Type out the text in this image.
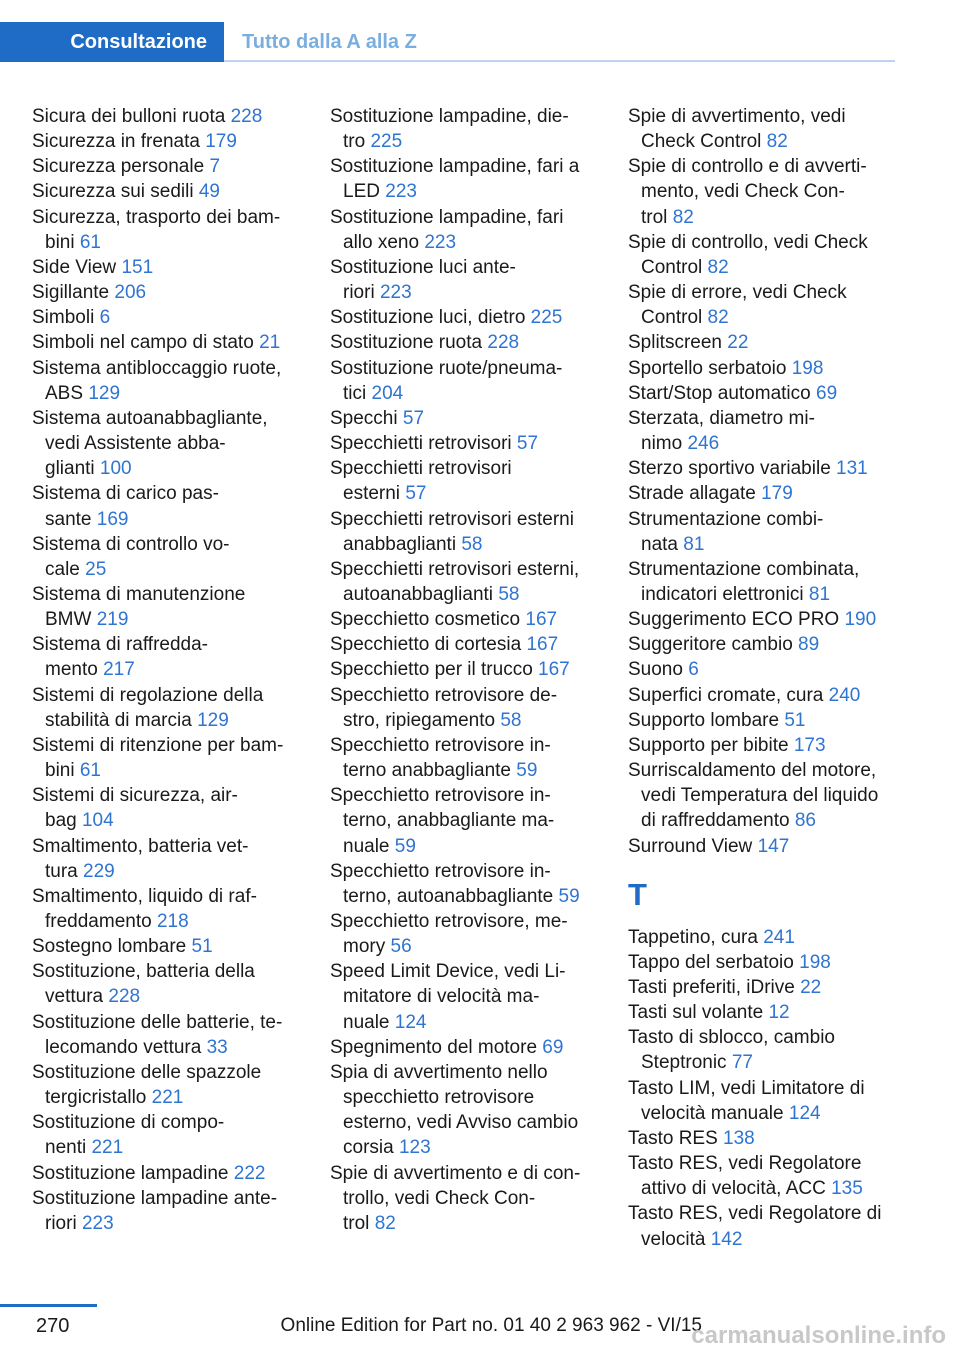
Consultazione	Tutto dalla A alla Z

Sicura dei bulloni ruota 228

Sicurezza in frenata 179

Sicurezza personale 7

Sicurezza sui sedili 49

Sicurezza, trasporto dei bam-
bini 61

Side View 151

Sigillante 206

Simboli 6

Simboli nel campo di stato 21

Sistema antibloccaggio ruote,
ABS 129

Sistema autoanabbagliante,
vedi Assistente abba-
glianti 100

Sistema di carico pas-
sante 169

Sistema di controllo vo-
cale 25

Sistema di manutenzione
BMW 219

Sistema di raffredda-
mento 217

Sistemi di regolazione della
stabilità di marcia 129

Sistemi di ritenzione per bam-
bini 61

Sistemi di sicurezza, air-
bag 104

Smaltimento, batteria vet-
tura 229

Smaltimento, liquido di raf-
freddamento 218

Sostegno lombare 51

Sostituzione, batteria della
vettura 228

Sostituzione delle batterie, te-
lecomando vettura 33

Sostituzione delle spazzole
tergicristallo 221

Sostituzione di compo-
nenti 221

Sostituzione lampadine 222

Sostituzione lampadine ante-
riori 223

Sostituzione lampadine, die-
tro 225

Sostituzione lampadine, fari a
LED 223

Sostituzione lampadine, fari
allo xeno 223

Sostituzione luci ante-
riori 223

Sostituzione luci, dietro 225

Sostituzione ruota 228

Sostituzione ruote/pneuma-
tici 204

Specchi 57

Specchietti retrovisori 57

Specchietti retrovisori
esterni 57

Specchietti retrovisori esterni
anabbaglianti 58

Specchietti retrovisori esterni,
autoanabbaglianti 58

Specchietto cosmetico 167

Specchietto di cortesia 167

Specchietto per il trucco 167

Specchietto retrovisore de-
stro, ripiegamento 58

Specchietto retrovisore in-
terno anabbagliante 59

Specchietto retrovisore in-
terno, anabbagliante ma-
nuale 59

Specchietto retrovisore in-
terno, autoanabbagliante 59

Specchietto retrovisore, me-
mory 56

Speed Limit Device, vedi Li-
mitatore di velocità ma-
nuale 124

Spegnimento del motore 69

Spia di avvertimento nello
specchietto retrovisore
esterno, vedi Avviso cambio
corsia 123

Spie di avvertimento e di con-
trollo, vedi Check Con-
trol 82

Spie di avvertimento, vedi
Check Control 82

Spie di controllo e di avverti-
mento, vedi Check Con-
trol 82

Spie di controllo, vedi Check
Control 82

Spie di errore, vedi Check
Control 82

Splitscreen 22

Sportello serbatoio 198

Start/Stop automatico 69

Sterzata, diametro mi-
nimo 246

Sterzo sportivo variabile 131

Strade allagate 179

Strumentazione combi-
nata 81

Strumentazione combinata,
indicatori elettronici 81

Suggerimento ECO PRO 190

Suggeritore cambio 89

Suono 6

Superfici cromate, cura 240

Supporto lombare 51

Supporto per bibite 173

Surriscaldamento del motore,
vedi Temperatura del liquido
di raffreddamento 86

Surround View 147

T

Tappetino, cura 241

Tappo del serbatoio 198

Tasti preferiti, iDrive 22

Tasti sul volante 12

Tasto di sblocco, cambio
Steptronic 77

Tasto LIM, vedi Limitatore di
velocità manuale 124

Tasto RES 138

Tasto RES, vedi Regolatore
attivo di velocità, ACC 135

Tasto RES, vedi Regolatore di
velocità 142

270	Online Edition for Part no. 01 40 2 963 962 - VI/15
carmanualsonline.info
